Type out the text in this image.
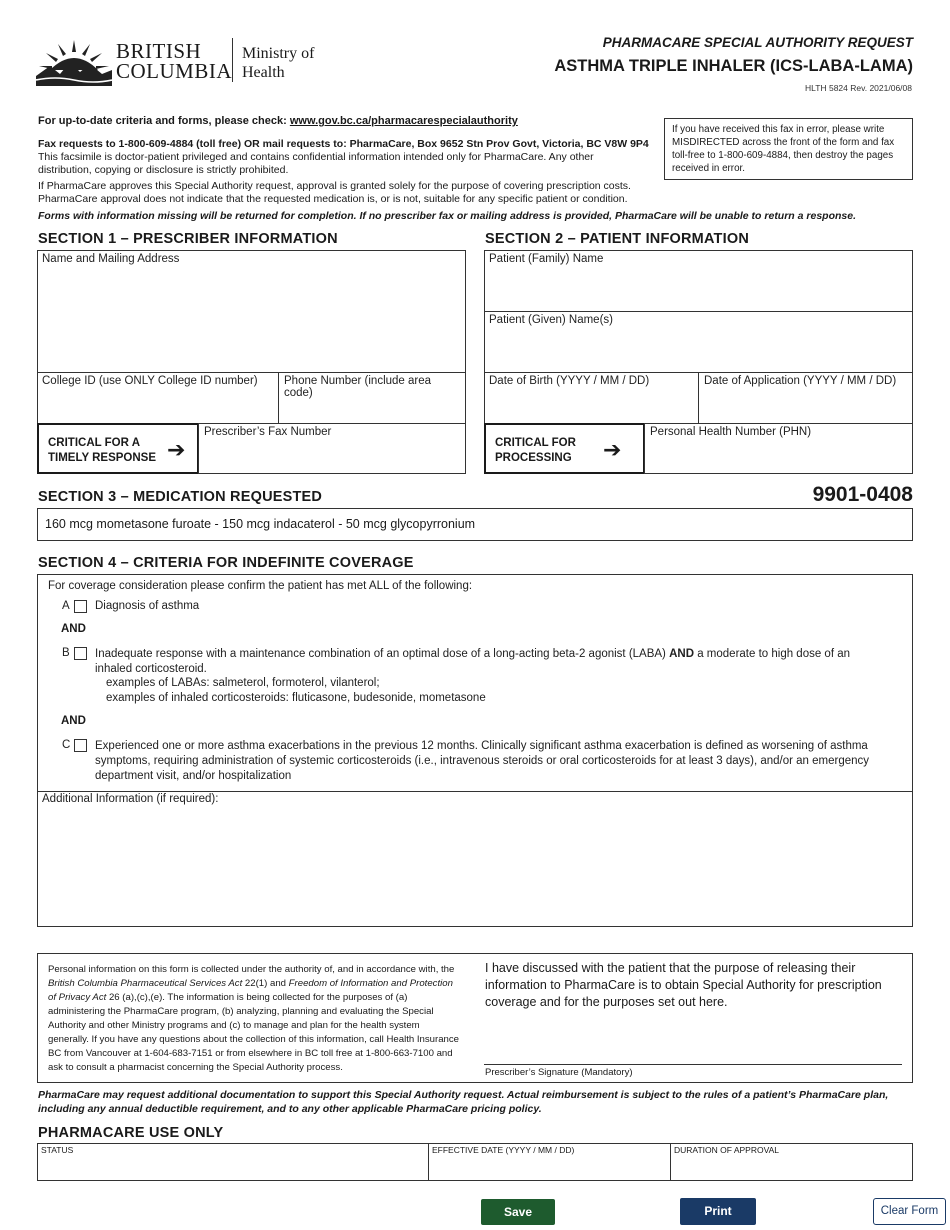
BRITISH
COLUMBIA
Ministry of
Health
PHARMACARE SPECIAL AUTHORITY REQUEST
ASTHMA TRIPLE INHALER (ICS-LABA-LAMA)
HLTH 5824 Rev. 2021/06/08
For up-to-date criteria and forms, please check: www.gov.bc.ca/pharmacarespecialauthority
Fax requests to 1-800-609-4884 (toll free) OR mail requests to: PharmaCare, Box 9652 Stn Prov Govt, Victoria, BC V8W 9P4
This facsimile is doctor-patient privileged and contains confidential information intended only for PharmaCare. Any other distribution, copying or disclosure is strictly prohibited.
If PharmaCare approves this Special Authority request, approval is granted solely for the purpose of covering prescription costs. PharmaCare approval does not indicate that the requested medication is, or is not, suitable for any specific patient or condition.
Forms with information missing will be returned for completion. If no prescriber fax or mailing address is provided, PharmaCare will be unable to return a response.
If you have received this fax in error, please write MISDIRECTED across the front of the form and fax toll-free to 1-800-609-4884, then destroy the pages received in error.
SECTION 1 – PRESCRIBER INFORMATION
Name and Mailing Address
College ID (use ONLY College ID number)	Phone Number (include area code)
CRITICAL FOR A
TIMELY RESPONSE ➔
Prescriber’s Fax Number
SECTION 2 – PATIENT INFORMATION
Patient (Family) Name
Patient (Given) Name(s)
Date of Birth (YYYY / MM / DD)	Date of Application (YYYY / MM / DD)
CRITICAL FOR
PROCESSING	➔
Personal Health Number (PHN)
SECTION 3 – MEDICATION REQUESTED	9901-0408
160 mcg mometasone furoate - 150 mcg indacaterol - 50 mcg glycopyrronium
SECTION 4 – CRITERIA FOR INDEFINITE COVERAGE
For coverage consideration please confirm the patient has met ALL of the following:
A Diagnosis of asthma
AND
B Inadequate response with a maintenance combination of an optimal dose of a long-acting beta-2 agonist (LABA) AND a moderate to high dose of an inhaled corticosteroid.
examples of LABAs: salmeterol, formoterol, vilanterol;
examples of inhaled corticosteroids: fluticasone, budesonide, mometasone
AND
C Experienced one or more asthma exacerbations in the previous 12 months. Clinically significant asthma exacerbation is defined as worsening of asthma symptoms, requiring administration of systemic corticosteroids (i.e., intravenous steroids or oral corticosteroids for at least 3 days), and/or an emergency department visit, and/or hospitalization
Additional Information (if required):
Personal information on this form is collected under the authority of, and in accordance with, the British Columbia Pharmaceutical Services Act 22(1) and Freedom of Information and Protection of Privacy Act 26 (a),(c),(e). The information is being collected for the purposes of (a) administering the PharmaCare program, (b) analyzing, planning and evaluating the Special Authority and other Ministry programs and (c) to manage and plan for the health system generally. If you have any questions about the collection of this information, call Health Insurance BC from Vancouver at 1-604-683-7151 or from elsewhere in BC toll free at 1-800-663-7100 and ask to consult a pharmacist concerning the Special Authority process.
I have discussed with the patient that the purpose of releasing their information to PharmaCare is to obtain Special Authority for prescription coverage and for the purposes set out here.
Prescriber’s Signature (Mandatory)
PharmaCare may request additional documentation to support this Special Authority request. Actual reimbursement is subject to the rules of a patient’s PharmaCare plan, including any annual deductible requirement, and to any other applicable PharmaCare pricing policy.
PHARMACARE USE ONLY
STATUS	EFFECTIVE DATE (YYYY / MM / DD)	DURATION OF APPROVAL
Save	Print	Clear Form
